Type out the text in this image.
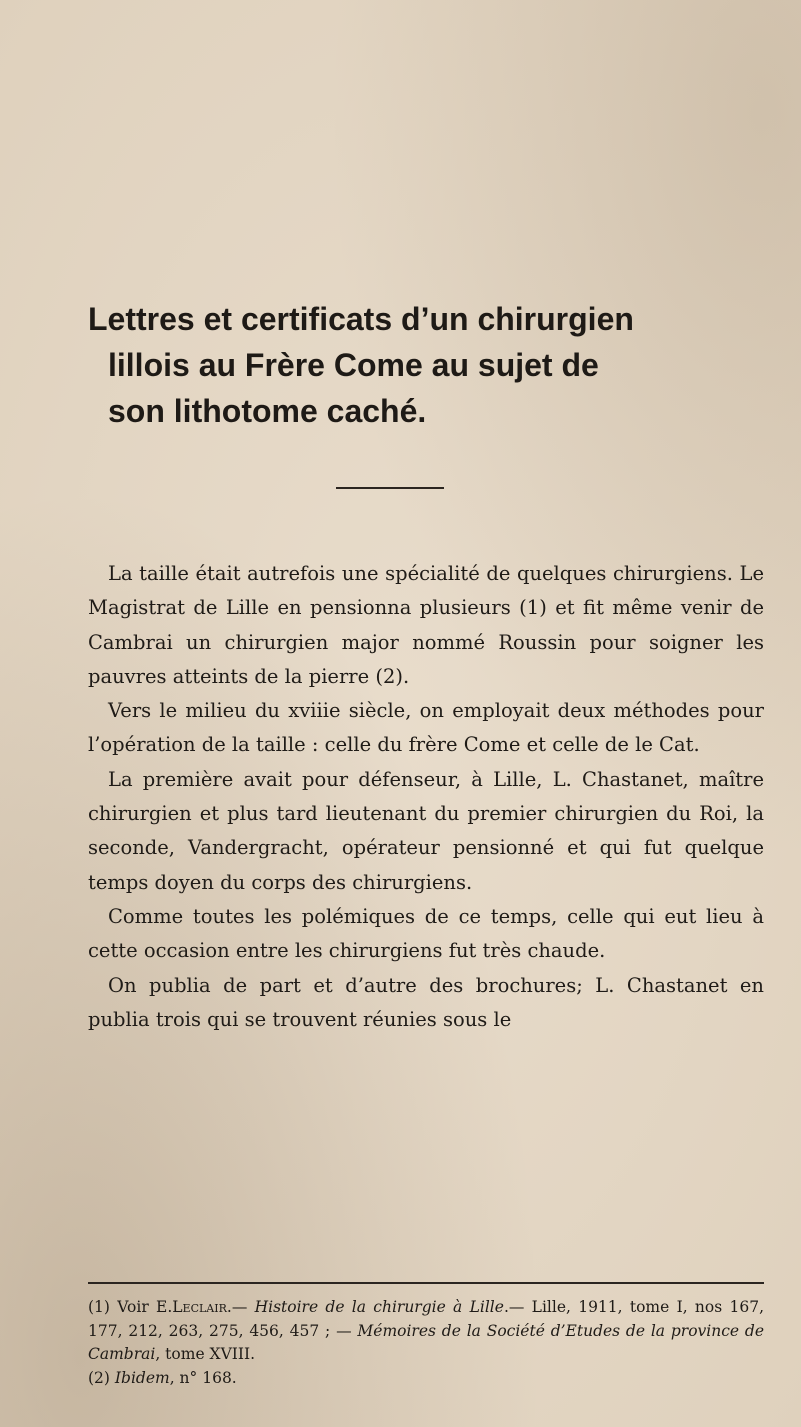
Lettres et certificats d’un chirurgien
lillois au Frère Come au sujet de
son lithotome caché.

La taille était autrefois une spécialité de quelques chirurgiens. Le Magistrat de Lille en pensionna plusieurs (1) et fit même venir de Cambrai un chirurgien major nommé Roussin pour soigner les pauvres atteints de la pierre (2).

Vers le milieu du xviiie siècle, on employait deux méthodes pour l’opération de la taille : celle du frère Come et celle de le Cat.

La première avait pour défenseur, à Lille, L. Chastanet, maître chirurgien et plus tard lieutenant du premier chirurgien du Roi, la seconde, Vandergracht, opérateur pensionné et qui fut quelque temps doyen du corps des chirurgiens.

Comme toutes les polémiques de ce temps, celle qui eut lieu à cette occasion entre les chirurgiens fut très chaude.

On publia de part et d’autre des brochures; L. Chastanet en publia trois qui se trouvent réunies sous le

(1) Voir E.Leclair.— Histoire de la chirurgie à Lille.— Lille, 1911, tome I, nos 167, 177, 212, 263, 275, 456, 457 ; — Mémoires de la Société d’Etudes de la province de Cambrai, tome XVIII.

(2) Ibidem, n° 168.
